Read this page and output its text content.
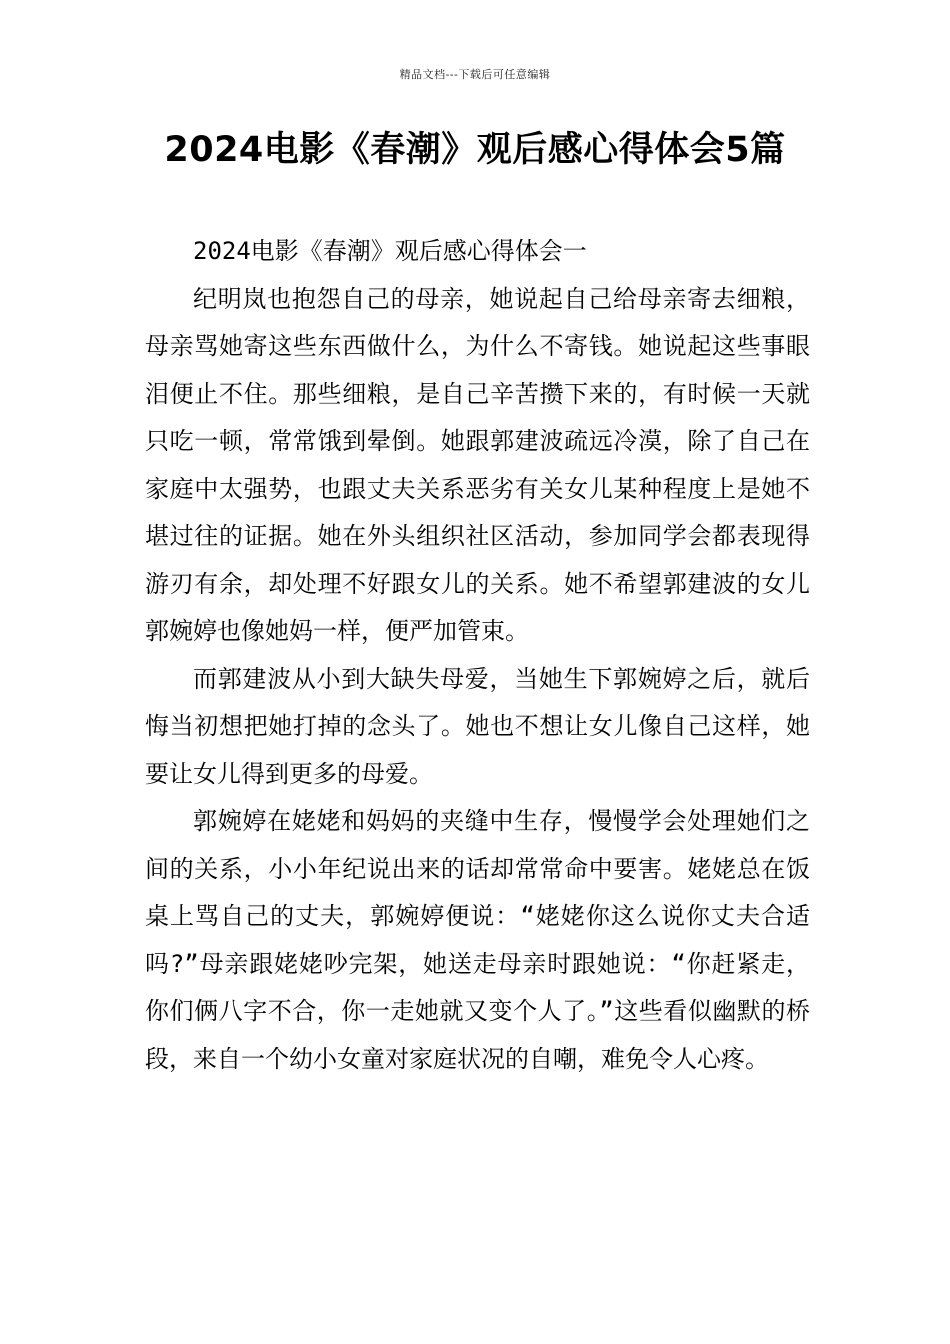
精品文档---下载后可任意编辑
2024电影《春潮》观后感心得体会5篇

2024电影《春潮》观后感心得体会一

纪明岚也抱怨自己的母亲，她说起自己给母亲寄去细粮，母亲骂她寄这些东西做什么，为什么不寄钱。她说起这些事眼泪便止不住。那些细粮，是自己辛苦攒下来的，有时候一天就只吃一顿，常常饿到晕倒。她跟郭建波疏远冷漠，除了自己在家庭中太强势，也跟丈夫关系恶劣有关女儿某种程度上是她不堪过往的证据。她在外头组织社区活动，参加同学会都表现得游刃有余，却处理不好跟女儿的关系。她不希望郭建波的女儿郭婉婷也像她妈一样，便严加管束。

而郭建波从小到大缺失母爱，当她生下郭婉婷之后，就后悔当初想把她打掉的念头了。她也不想让女儿像自己这样，她要让女儿得到更多的母爱。

郭婉婷在姥姥和妈妈的夹缝中生存，慢慢学会处理她们之间的关系，小小年纪说出来的话却常常命中要害。姥姥总在饭桌上骂自己的丈夫，郭婉婷便说：“姥姥你这么说你丈夫合适吗?”母亲跟姥姥吵完架，她送走母亲时跟她说：“你赶紧走，你们俩八字不合，你一走她就又变个人了。”这些看似幽默的桥段，来自一个幼小女童对家庭状况的自嘲，难免令人心疼。
